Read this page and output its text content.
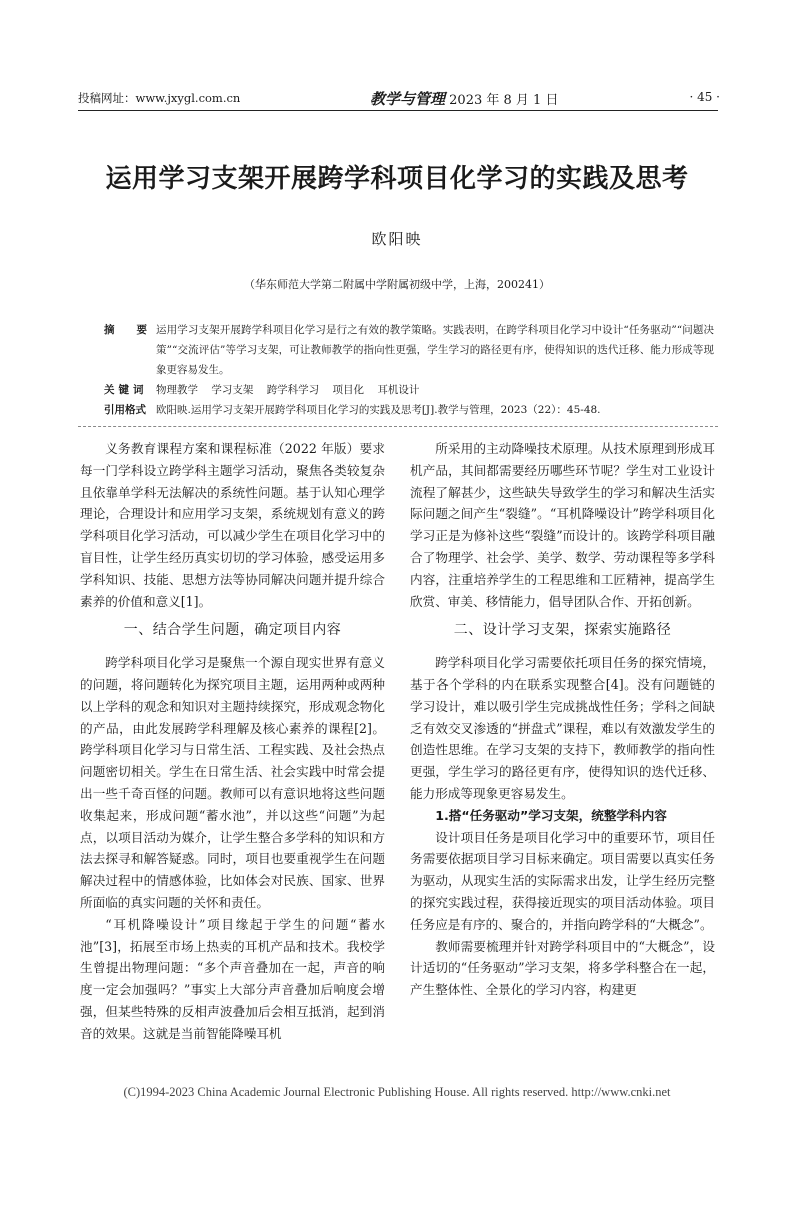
投稿网址：www.jxygl.com.cn	教学与管理 2023 年 8 月 1 日	· 45 ·
运用学习支架开展跨学科项目化学习的实践及思考
欧阳映
（华东师范大学第二附属中学附属初级中学，上海，200241）
摘要
运用学习支架开展跨学科项目化学习是行之有效的教学策略。实践表明，在跨学科项目化学习中设计“任务驱动”“问题决策”“交流评估”等学习支架，可让教师教学的指向性更强，学生学习的路径更有序，使得知识的迭代迁移、能力形成等现象更容易发生。
关键词 物理教学 学习支架 跨学科学习 项目化 耳机设计
引用格式 欧阳映.运用学习支架开展跨学科项目化学习的实践及思考[J].教学与管理，2023（22）：45-48.

义务教育课程方案和课程标准（2022 年版）要求每一门学科设立跨学科主题学习活动，聚焦各类较复杂且依靠单学科无法解决的系统性问题。基于认知心理学理论，合理设计和应用学习支架，系统规划有意义的跨学科项目化学习活动，可以减少学生在项目化学习中的盲目性，让学生经历真实切切的学习体验，感受运用多学科知识、技能、思想方法等协同解决问题并提升综合素养的价值和意义[1]。

一、结合学生问题，确定项目内容

跨学科项目化学习是聚焦一个源自现实世界有意义的问题，将问题转化为探究项目主题，运用两种或两种以上学科的观念和知识对主题持续探究，形成观念物化的产品，由此发展跨学科理解及核心素养的课程[2]。跨学科项目化学习与日常生活、工程实践、及社会热点问题密切相关。学生在日常生活、社会实践中时常会提出一些千奇百怪的问题。教师可以有意识地将这些问题收集起来，形成问题“蓄水池”，并以这些“问题”为起点，以项目活动为媒介，让学生整合多学科的知识和方法去探寻和解答疑惑。同时，项目也要重视学生在问题解决过程中的情感体验，比如体会对民族、国家、世界所面临的真实问题的关怀和责任。

“耳机降噪设计”项目缘起于学生的问题“蓄水池”[3]，拓展至市场上热卖的耳机产品和技术。我校学生曾提出物理问题：“多个声音叠加在一起，声音的响度一定会加强吗？”事实上大部分声音叠加后响度会增强，但某些特殊的反相声波叠加后会相互抵消，起到消音的效果。这就是当前智能降噪耳机

所采用的主动降噪技术原理。从技术原理到形成耳机产品，其间都需要经历哪些环节呢？学生对工业设计流程了解甚少，这些缺失导致学生的学习和解决生活实际问题之间产生“裂缝”。“耳机降噪设计”跨学科项目化学习正是为修补这些“裂缝”而设计的。该跨学科项目融合了物理学、社会学、美学、数学、劳动课程等多学科内容，注重培养学生的工程思维和工匠精神，提高学生欣赏、审美、移情能力，倡导团队合作、开拓创新。

二、设计学习支架，探索实施路径

跨学科项目化学习需要依托项目任务的探究情境，基于各个学科的内在联系实现整合[4]。没有问题链的学习设计，难以吸引学生完成挑战性任务；学科之间缺乏有效交叉渗透的“拼盘式”课程，难以有效激发学生的创造性思维。在学习支架的支持下，教师教学的指向性更强，学生学习的路径更有序，使得知识的迭代迁移、能力形成等现象更容易发生。

1.搭“任务驱动”学习支架，统整学科内容

设计项目任务是项目化学习中的重要环节，项目任务需要依据项目学习目标来确定。项目需要以真实任务为驱动，从现实生活的实际需求出发，让学生经历完整的探究实践过程，获得接近现实的项目活动体验。项目任务应是有序的、聚合的，并指向跨学科的“大概念”。

教师需要梳理并针对跨学科项目中的“大概念”，设计适切的“任务驱动”学习支架，将多学科整合在一起，产生整体性、全景化的学习内容，构建更

(C)1994-2023 China Academic Journal Electronic Publishing House. All rights reserved. http://www.cnki.net
